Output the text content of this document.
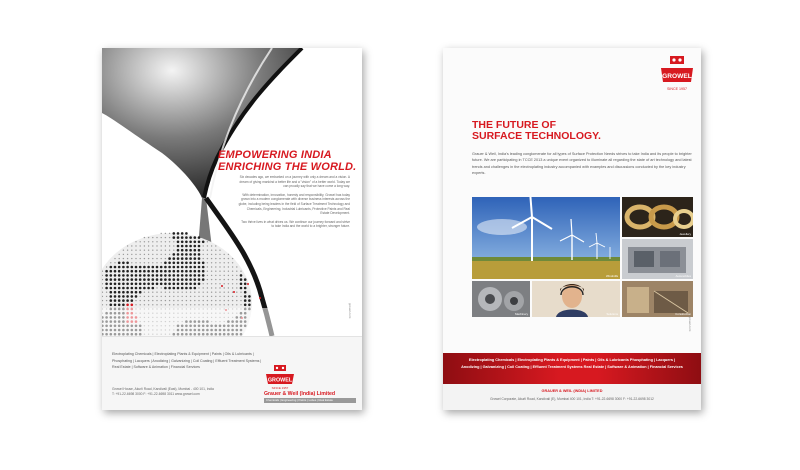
EMPOWERING INDIA
ENRICHING THE WORLD.

Six decades ago, we embarked on a journey with only a dream and a vision. A dream of giving mankind a better life and a "vision" of a better world. Today we can proudly say that we have come a long way.

With determination, innovation, honesty and responsibility, Growel has today grown into a modern conglomerate with diverse business interests across the globe, including being leaders in the field of Surface Treatment Technology and Chemicals, Engineering, Industrial Lubricants, Protective Paints and Real Estate Development.

Two thrive lives in what drives us. We continue our journey forward and strive to take India and the world to a brighter, stronger future.

growel.com
Electroplating Chemicals | Electroplating Plants & Equipment | Paints | Oils & Lubricants | Phosphating | Lacquers | Anodizing | Galvanizing | Coil Coating | Effluent Treatment Systems | Real Estate | Software & Animation | Financial Services
Growel House, Akurli Road, Kandivali (East), Mumbai - 400 101, India
T: +91-22-6698 3000 F: +91-22-6698 3011 www.growel.com
GROWEL
SINCE 1957
Grauer & Weil (India) Limited
Chemicals | Engineering | Paints | Lubes | Real Estate
GROWEL
SINCE 1957
THE FUTURE OF
SURFACE TECHNOLOGY.
Grauer & Weil, India's leading conglomerate for all types of Surface Protection Needs strives to take India and its people to brighter future. We are participating in TCCE 2013 a unique event organized to illuminate all regarding the state of art technology and latest trends and challenges in the electroplating industry accompanied with examples and discussions conducted by the key industry experts.
Windmills
Jewellery
Automobiles
Machinery	Solutions	Construction
growel.com
Electroplating Chemicals | Electroplating Plants & Equipment | Paints | Oils & Lubricants Phosphating | Lacquers | Anodizing | Galvanizing | Coil Coating | Effluent Treatment Systems Real Estate | Software & Animation | Financial Services
GRAUER & WEIL (INDIA) LIMITED
Growel Corporate, Akurli Road, Kandivali (E), Mumbai 400 101, India T: +91-22-6698 3000 F: +91-22-6698 3012
